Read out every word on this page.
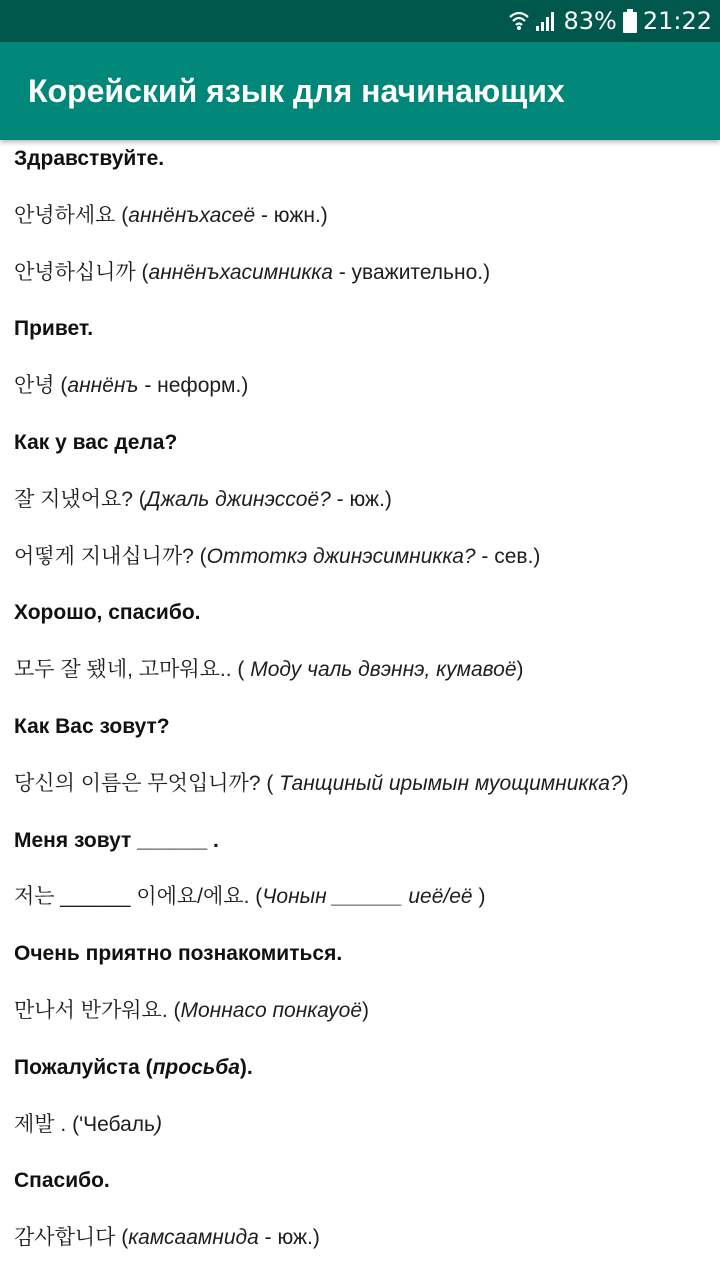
83% 21:22
Корейский язык для начинающих
Здравствуйте.
안녕하세요 (аннёнъхасеё - южн.)
안녕하십니까 (аннёнъхасимникка - уважительно.)
Привет.
안녕 (аннёнъ - неформ.)
Как у вас дела?
잘 지냈어요? (Джаль джинэссоё? - юж.)
어떻게 지내십니까? (Оттоткэ джинэсимникка? - сев.)
Хорошо, спасибо.
모두 잘 됐네, 고마워요.. ( Моду чаль двэннэ, кумавоё)
Как Вас зовут?
당신의 이름은 무엇입니까? ( Танщиный ирымын муощимникка?)
Меня зовут ______ .
저는 ______ 이에요/에요. (Чонын ______ иеё/её )
Очень приятно познакомиться.
만나서 반가워요. (Моннасо понкауоё)
Пожалуйста (просьба).
제발 . ('Чебаль)
Спасибо.
감사합니다 (камсаамнида - юж.)
